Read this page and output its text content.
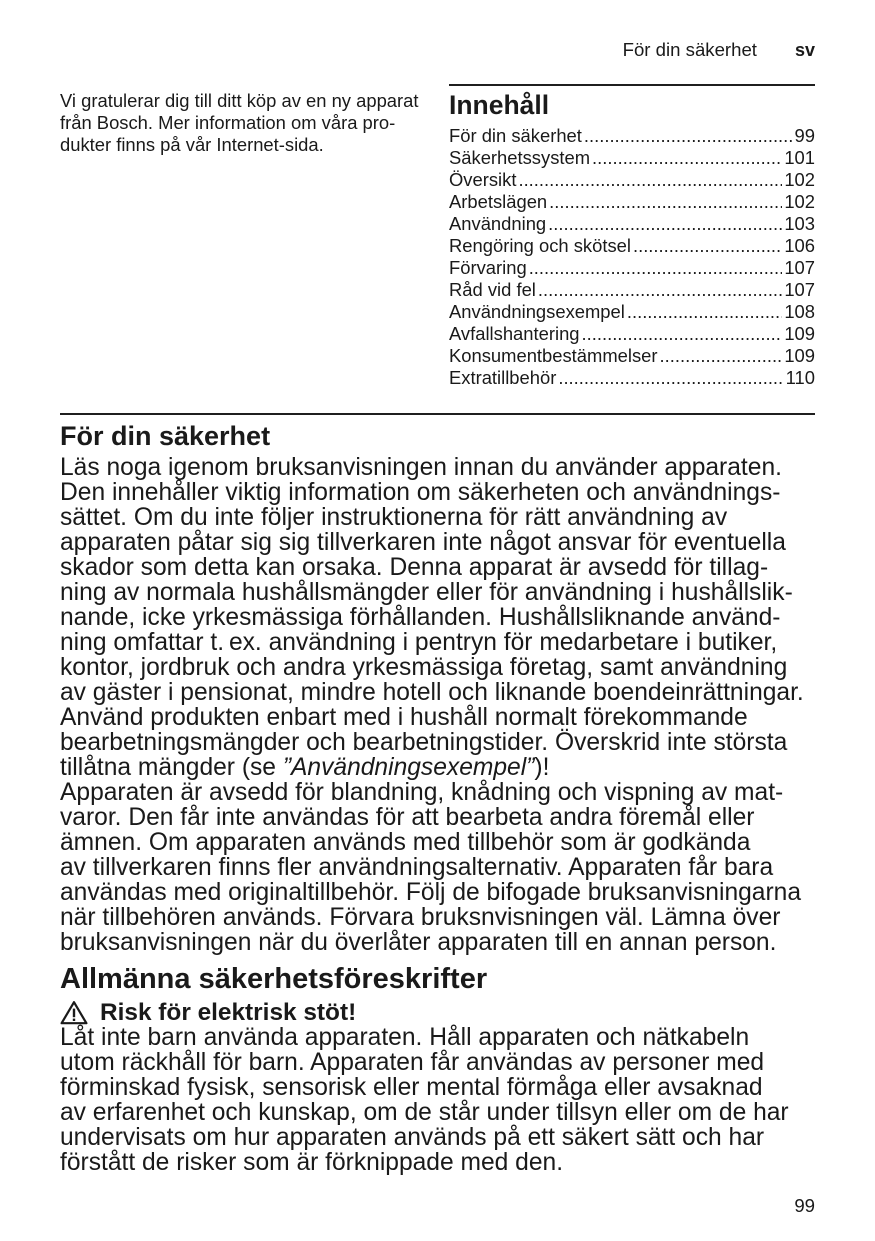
För din säkerhet sv
Vi gratulerar dig till ditt köp av en ny apparat
från Bosch. Mer information om våra pro-
dukter finns på vår Internet-sida.
Innehåll
För din säkerhet .....	99
Säkerhetssystem .....	101
Översikt .....	102
Arbetslägen .....	102
Användning .....	103
Rengöring och skötsel .....	106
Förvaring .....	107
Råd vid fel .....	107
Användningsexempel .....	108
Avfallshantering .....	109
Konsumentbestämmelser .....	109
Extratillbehör .....	110
För din säkerhet
Läs noga igenom bruksanvisningen innan du använder apparaten.
Den innehåller viktig information om säkerheten och användnings-
sättet. Om du inte följer instruktionerna för rätt användning av
apparaten påtar sig sig tillverkaren inte något ansvar för eventuella
skador som detta kan orsaka. Denna apparat är avsedd för tillag-
ning av normala hushållsmängder eller för användning i hushållslik-
nande, icke yrkesmässiga förhållanden. Hushållsliknande använd-
ning omfattar t. ex. användning i pentryn för medarbetare i butiker,
kontor, jordbruk och andra yrkesmässiga företag, samt användning
av gäster i pensionat, mindre hotell och liknande boendeinrättningar.
Använd produkten enbart med i hushåll normalt förekommande
bearbetningsmängder och bearbetningstider. Överskrid inte största
tillåtna mängder (se ”Användningsexempel”)!
Apparaten är avsedd för blandning, knådning och vispning av mat-
varor. Den får inte användas för att bearbeta andra föremål eller
ämnen. Om apparaten används med tillbehör som är godkända
av tillverkaren finns fler användningsalternativ. Apparaten får bara
användas med originaltillbehör. Följ de bifogade bruksanvisningarna
när tillbehören används. Förvara bruksnvisningen väl. Lämna över
bruksanvisningen när du överlåter apparaten till en annan person.
Allmänna säkerhetsföreskrifter
Risk för elektrisk stöt!
Låt inte barn använda apparaten. Håll apparaten och nätkabeln
utom räckhåll för barn. Apparaten får användas av personer med
förminskad fysisk, sensorisk eller mental förmåga eller avsaknad
av erfarenhet och kunskap, om de står under tillsyn eller om de har
undervisats om hur apparaten används på ett säkert sätt och har
förstått de risker som är förknippade med den.
99
